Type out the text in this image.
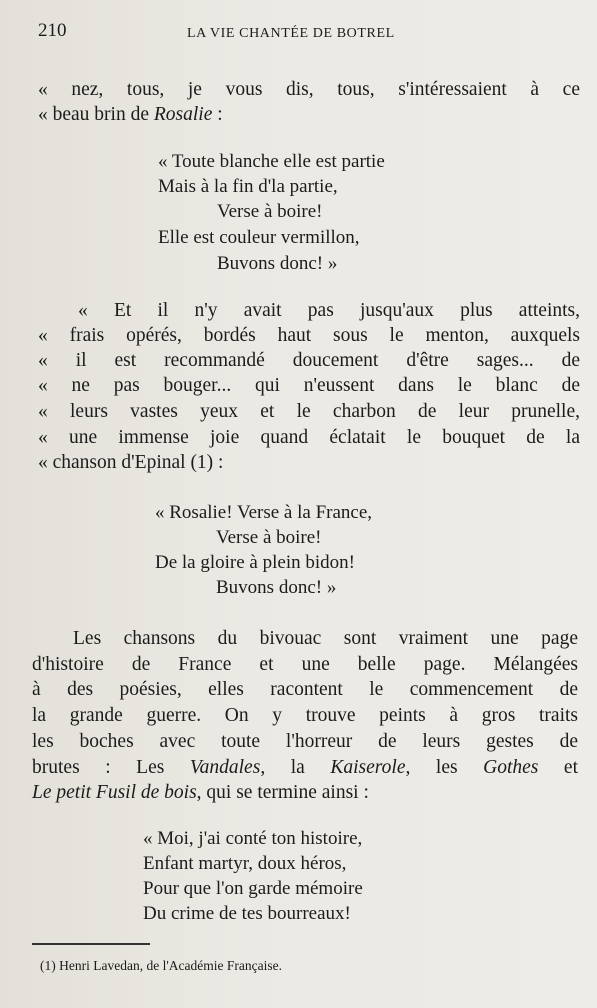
210	LA VIE CHANTÉE DE BOTREL
« nez, tous, je vous dis, tous, s'intéressaient à ce
« beau brin de Rosalie :
« Toute blanche elle est partie
Mais à la fin d'la partie,
Verse à boire!
Elle est couleur vermillon,
Buvons donc! »
« Et il n'y avait pas jusqu'aux plus atteints,
« frais opérés, bordés haut sous le menton, auxquels
« il est recommandé doucement d'être sages... de
« ne pas bouger... qui n'eussent dans le blanc de
« leurs vastes yeux et le charbon de leur prunelle,
« une immense joie quand éclatait le bouquet de la
« chanson d'Epinal (1) :
« Rosalie! Verse à la France,
Verse à boire!
De la gloire à plein bidon!
Buvons donc! »
Les chansons du bivouac sont vraiment une page
d'histoire de France et une belle page. Mélangées
à des poésies, elles racontent le commencement de
la grande guerre. On y trouve peints à gros traits
les boches avec toute l'horreur de leurs gestes de
brutes : Les Vandales, la Kaiserole, les Gothes et
Le petit Fusil de bois, qui se termine ainsi :
« Moi, j'ai conté ton histoire,
Enfant martyr, doux héros,
Pour que l'on garde mémoire
Du crime de tes bourreaux!
(1) Henri Lavedan, de l'Académie Française.
